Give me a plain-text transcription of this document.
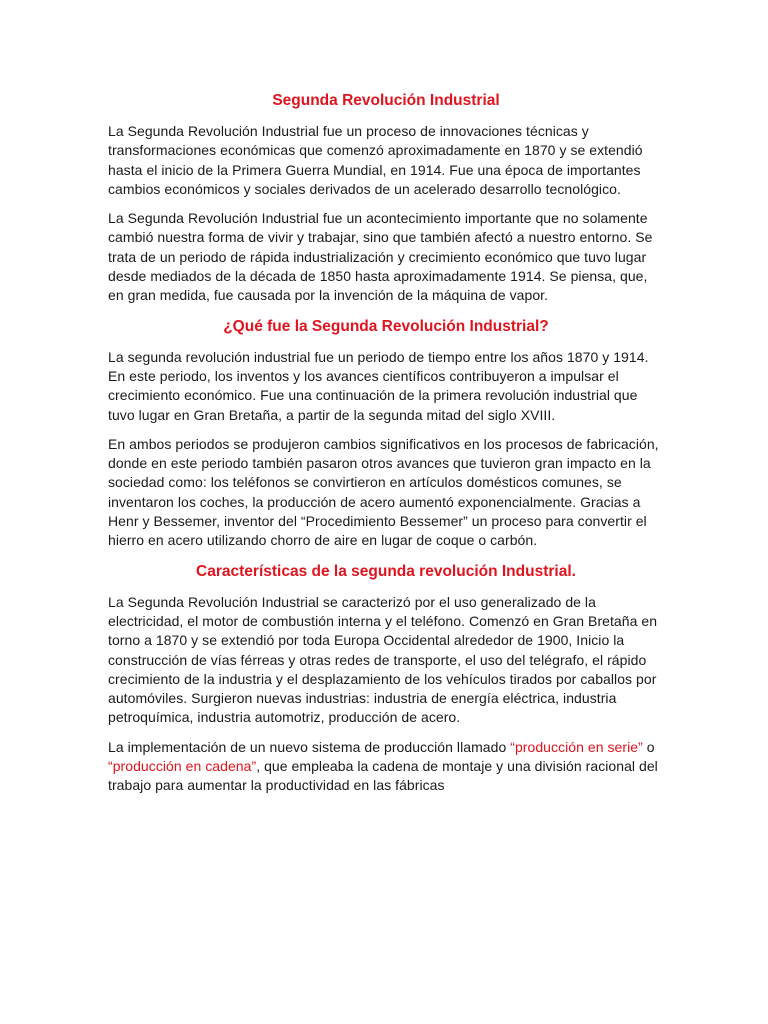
Segunda Revolución Industrial

La Segunda Revolución Industrial fue un proceso de innovaciones técnicas y transformaciones económicas que comenzó aproximadamente en 1870 y se extendió hasta el inicio de la Primera Guerra Mundial, en 1914. Fue una época de importantes cambios económicos y sociales derivados de un acelerado desarrollo tecnológico.

La Segunda Revolución Industrial fue un acontecimiento importante que no solamente cambió nuestra forma de vivir y trabajar, sino que también afectó a nuestro entorno. Se trata de un periodo de rápida industrialización y crecimiento económico que tuvo lugar desde mediados de la década de 1850 hasta aproximadamente 1914. Se piensa, que, en gran medida, fue causada por la invención de la máquina de vapor.

¿Qué fue la Segunda Revolución Industrial?

La segunda revolución industrial fue un periodo de tiempo entre los años 1870 y 1914. En este periodo, los inventos y los avances científicos contribuyeron a impulsar el crecimiento económico. Fue una continuación de la primera revolución industrial que tuvo lugar en Gran Bretaña, a partir de la segunda mitad del siglo XVIII.

En ambos periodos se produjeron cambios significativos en los procesos de fabricación, donde en este periodo también pasaron otros avances que tuvieron gran impacto en la sociedad como: los teléfonos se convirtieron en artículos domésticos comunes, se inventaron los coches, la producción de acero aumentó exponencialmente. Gracias a Henr y Bessemer, inventor del “Procedimiento Bessemer” un proceso para convertir el hierro en acero utilizando chorro de aire en lugar de coque o carbón.

Características de la segunda revolución Industrial.

La Segunda Revolución Industrial se caracterizó por el uso generalizado de la electricidad, el motor de combustión interna y el teléfono. Comenzó en Gran Bretaña en torno a 1870 y se extendió por toda Europa Occidental alrededor de 1900, Inicio la construcción de vías férreas y otras redes de transporte, el uso del telégrafo, el rápido crecimiento de la industria y el desplazamiento de los vehículos tirados por caballos por automóviles. Surgieron nuevas industrias: industria de energía eléctrica, industria petroquímica, industria automotriz, producción de acero.

La implementación de un nuevo sistema de producción llamado “producción en serie” o “producción en cadena”, que empleaba la cadena de montaje y una división racional del trabajo para aumentar la productividad en las fábricas
